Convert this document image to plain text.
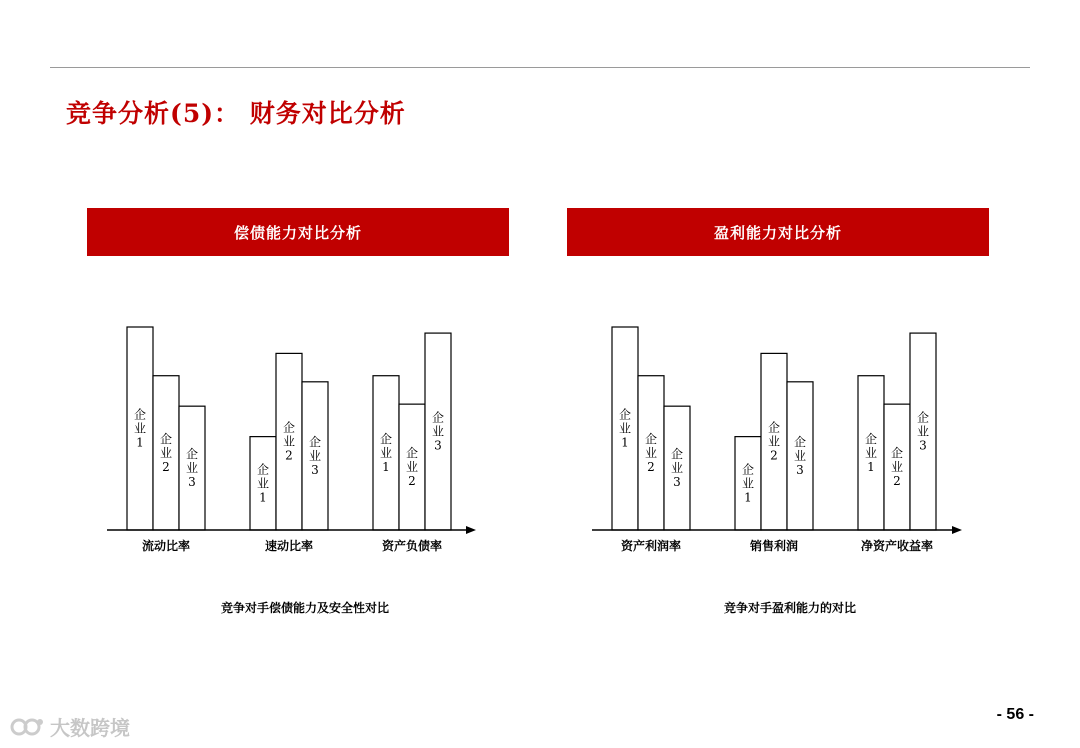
竞争分析(5)： 财务对比分析
偿债能力对比分析	盈利能力对比分析
企
业
1 企
业
2
企
业
3
流动比率
企
业
1
企
业
2
企
业
3
速动比率
企
业
1
企
业
2
企
业
3
资产负债率
企
业
1 企
业
2
企
业
3
资产利润率
企
业
1
企
业
2
企
业
3
销售利润
企
业
1
企
业
2
企
业
3
净资产收益率
竞争对手偿债能力及安全性对比	竞争对手盈利能力的对比
大数跨境
- 56 -
